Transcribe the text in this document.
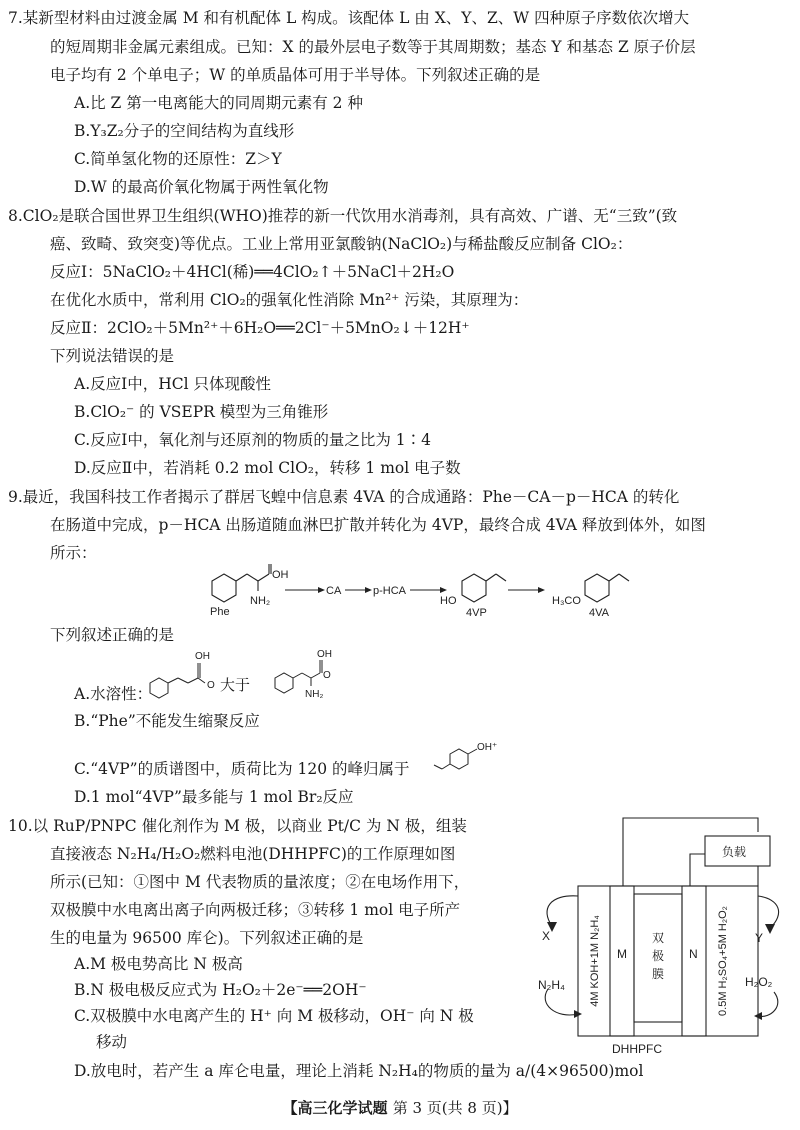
7.某新型材料由过渡金属 M 和有机配体 L 构成。该配体 L 由 X、Y、Z、W 四种原子序数依次增大
的短周期非金属元素组成。已知：X 的最外层电子数等于其周期数；基态 Y 和基态 Z 原子价层
电子均有 2 个单电子；W 的单质晶体可用于半导体。下列叙述正确的是
A.比 Z 第一电离能大的同周期元素有 2 种
B.Y₃Z₂分子的空间结构为直线形
C.简单氢化物的还原性：Z＞Y
D.W 的最高价氧化物属于两性氧化物
8.ClO₂是联合国世界卫生组织(WHO)推荐的新一代饮用水消毒剂，具有高效、广谱、无“三致”(致
癌、致畸、致突变)等优点。工业上常用亚氯酸钠(NaClO₂)与稀盐酸反应制备 ClO₂：
反应Ⅰ：5NaClO₂＋4HCl(稀)══4ClO₂↑＋5NaCl＋2H₂O
在优化水质中，常利用 ClO₂的强氧化性消除 Mn²⁺ 污染，其原理为：
反应Ⅱ：2ClO₂＋5Mn²⁺＋6H₂O══2Cl⁻＋5MnO₂↓＋12H⁺
下列说法错误的是
A.反应Ⅰ中，HCl 只体现酸性
B.ClO₂⁻ 的 VSEPR 模型为三角锥形
C.反应Ⅰ中，氧化剂与还原剂的物质的量之比为 1∶4
D.反应Ⅱ中，若消耗 0.2 mol ClO₂，转移 1 mol 电子数
9.最近，我国科技工作者揭示了群居飞蝗中信息素 4VA 的合成通路：Phe－CA－p－HCA 的转化
在肠道中完成，p－HCA 出肠道随血淋巴扩散并转化为 4VP，最终合成 4VA 释放到体外，如图
所示：
OH
NH₂
Phe
CA	p-HCA
HO
4VP
H₃CO
4VA
下列叙述正确的是
A.水溶性：
OH
O
OH
O
NH₂
大于
B.“Phe”不能发生缩聚反应
C.“4VP”的质谱图中，质荷比为 120 的峰归属于
OH⁺
D.1 mol“4VP”最多能与 1 mol Br₂反应
10.以 RuP/PNPC 催化剂作为 M 极，以商业 Pt/C 为 N 极，组装
直接液态 N₂H₄/H₂O₂燃料电池(DHHPFC)的工作原理如图
所示(已知：①图中 M 代表物质的量浓度；②在电场作用下，
双极膜中水电离出离子向两极迁移；③转移 1 mol 电子所产
生的电量为 96500 库仑)。下列叙述正确的是
A.M 极电势高比 N 极高
B.N 极电极反应式为 H₂O₂＋2e⁻══2OH⁻
C.双极膜中水电离产生的 H⁺ 向 M 极移动，OH⁻ 向 N 极
移动
D.放电时，若产生 a 库仑电量，理论上消耗 N₂H₄的物质的量为 a/(4×96500)mol
负载
X	Y
N₂H₄	H₂O₂
M	N
DHHPFC
4M KOH+1M N₂H₄	0.5M H₂SO₄+5M H₂O₂
双 极 膜
【高三化学试题 第 3 页(共 8 页)】
